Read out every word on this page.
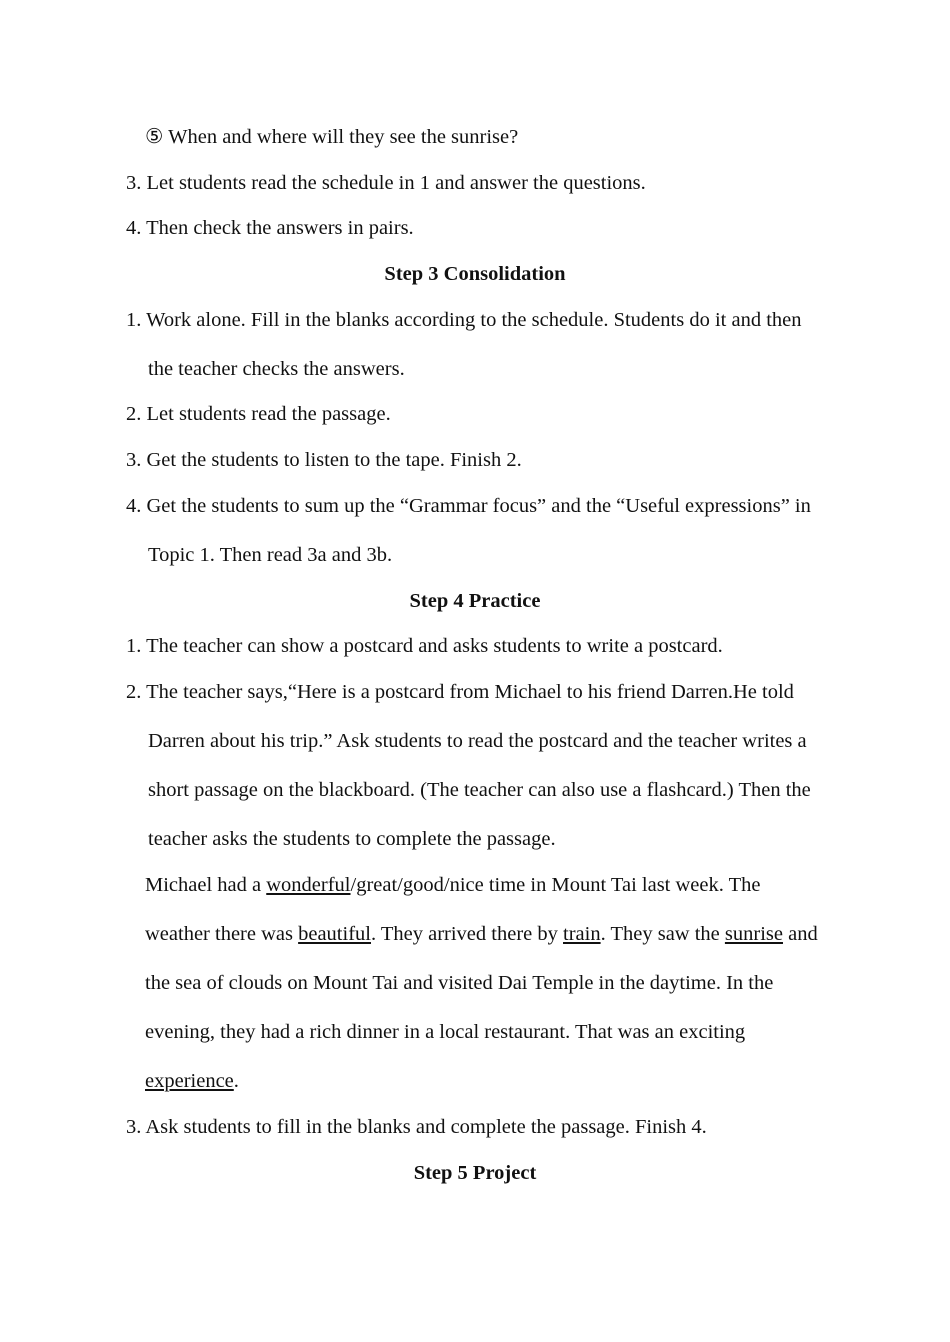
⑤ When and where will they see the sunrise?
3. Let students read the schedule in 1 and answer the questions.
4. Then check the answers in pairs.
Step 3 Consolidation
1. Work alone. Fill in the blanks according to the schedule. Students do it and then
the teacher checks the answers.
2. Let students read the passage.
3. Get the students to listen to the tape. Finish 2.
4. Get the students to sum up the “Grammar focus” and the “Useful expressions” in
Topic 1. Then read 3a and 3b.
Step 4 Practice
1. The teacher can show a postcard and asks students to write a postcard.
2. The teacher says,“Here is a postcard from Michael to his friend Darren.He told
Darren about his trip.” Ask students to read the postcard and the teacher writes a
short passage on the blackboard. (The teacher can also use a flashcard.) Then the
teacher asks the students to complete the passage.
Michael had a wonderful/great/good/nice time in Mount Tai last week. The
weather there was beautiful. They arrived there by train. They saw the sunrise and
the sea of clouds on Mount Tai and visited Dai Temple in the daytime. In the
evening, they had a rich dinner in a local restaurant. That was an exciting
experience.
3. Ask students to fill in the blanks and complete the passage. Finish 4.
Step 5 Project
